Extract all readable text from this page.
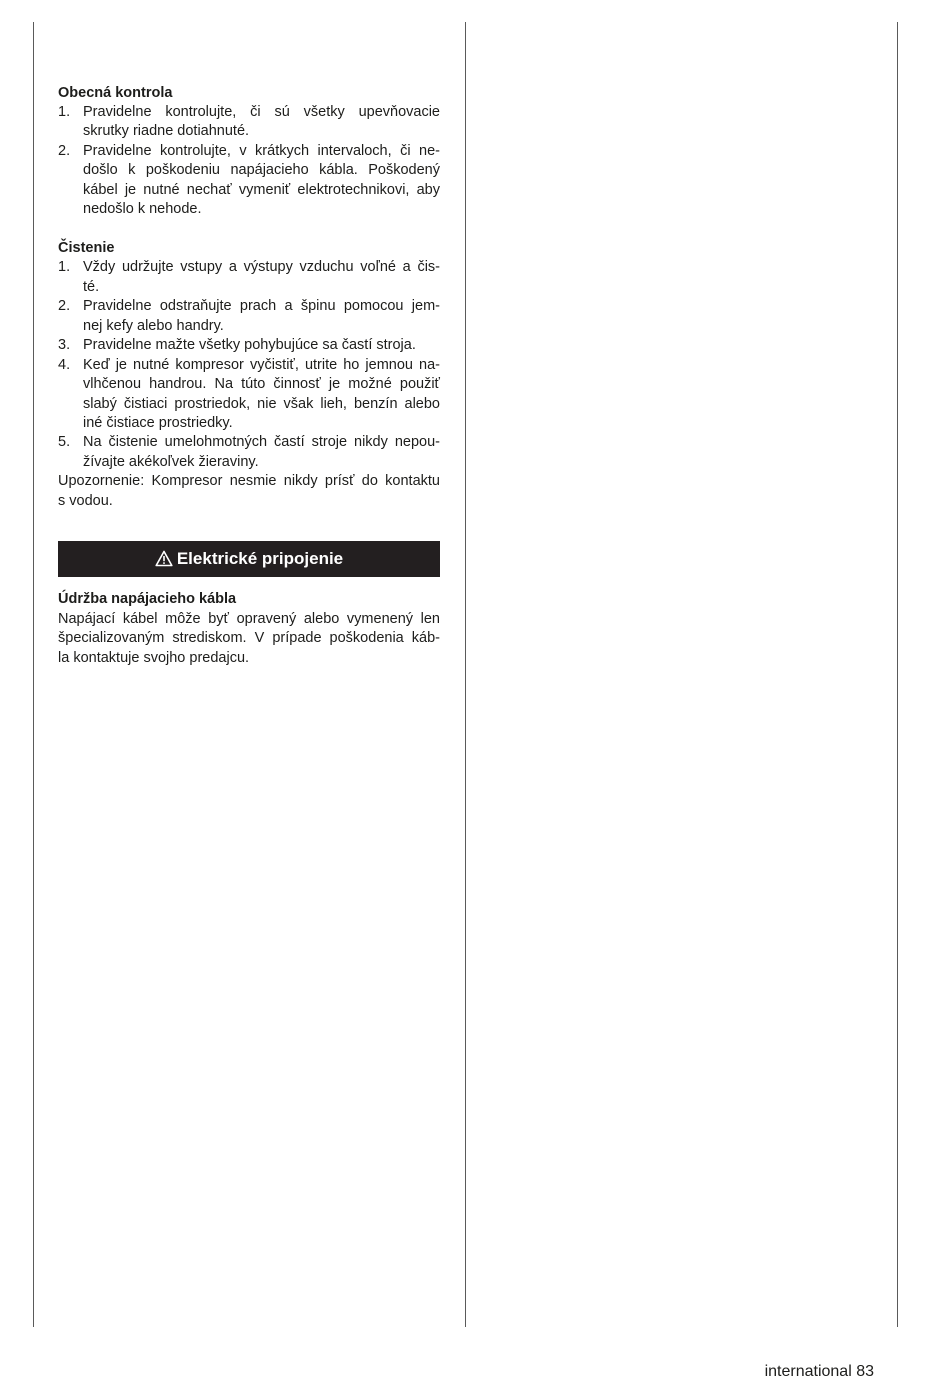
Obecná kontrola
1. Pravidelne kontrolujte, či sú všetky upevňovacie
skrutky riadne dotiahnuté.
2. Pravidelne kontrolujte, v krátkych intervaloch, či ne-
došlo k poškodeniu napájacieho kábla. Poškodený
kábel je nutné nechať vymeniť elektrotechnikovi, aby
nedošlo k nehode.
Čistenie
1. Vždy udržujte vstupy a výstupy vzduchu voľné a čis-
té.
2. Pravidelne odstraňujte prach a špinu pomocou jem-
nej kefy alebo handry.
3. Pravidelne mažte všetky pohybujúce sa častí stroja.
4. Keď je nutné kompresor vyčistiť, utrite ho jemnou na-
vlhčenou handrou. Na túto činnosť je možné použiť
slabý čistiaci prostriedok, nie však lieh, benzín alebo
iné čistiace prostriedky.
5. Na čistenie umelohmotných častí stroje nikdy nepou-
žívajte akékoľvek žieraviny.
Upozornenie: Kompresor nesmie nikdy prísť do kontaktu
s vodou.
Elektrické pripojenie
Údržba napájacieho kábla
Napájací kábel môže byť opravený alebo vymenený len
špecializovaným strediskom. V prípade poškodenia káb-
la kontaktuje svojho predajcu.
international 83
